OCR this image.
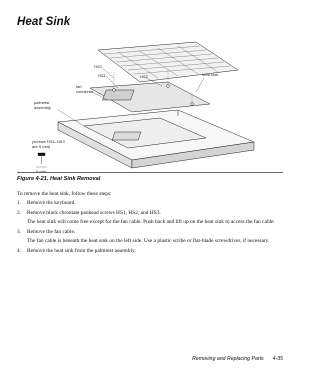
Heat Sink
HS3
HS1	HS2	heat sink
fan
connector
palmrest
assembly
(screws HS1–HS3
are 5 mm)
5 mm

Figure 4-21. Heat Sink Removal

To remove the heat sink, follow these steps:

1. Remove the keyboard.
2. Remove black chromate panhead screws HS1, HS2, and HS3.
The heat sink will come free except for the fan cable. Push back and lift up on the heat sink to access the fan cable.
3. Remove the fan cable.
The fan cable is beneath the heat sink on the left side. Use a plastic scribe or flat-blade screwdriver, if necessary.
4. Remove the heat sink from the palmrest assembly.

Removing and Replacing Parts 4-35
